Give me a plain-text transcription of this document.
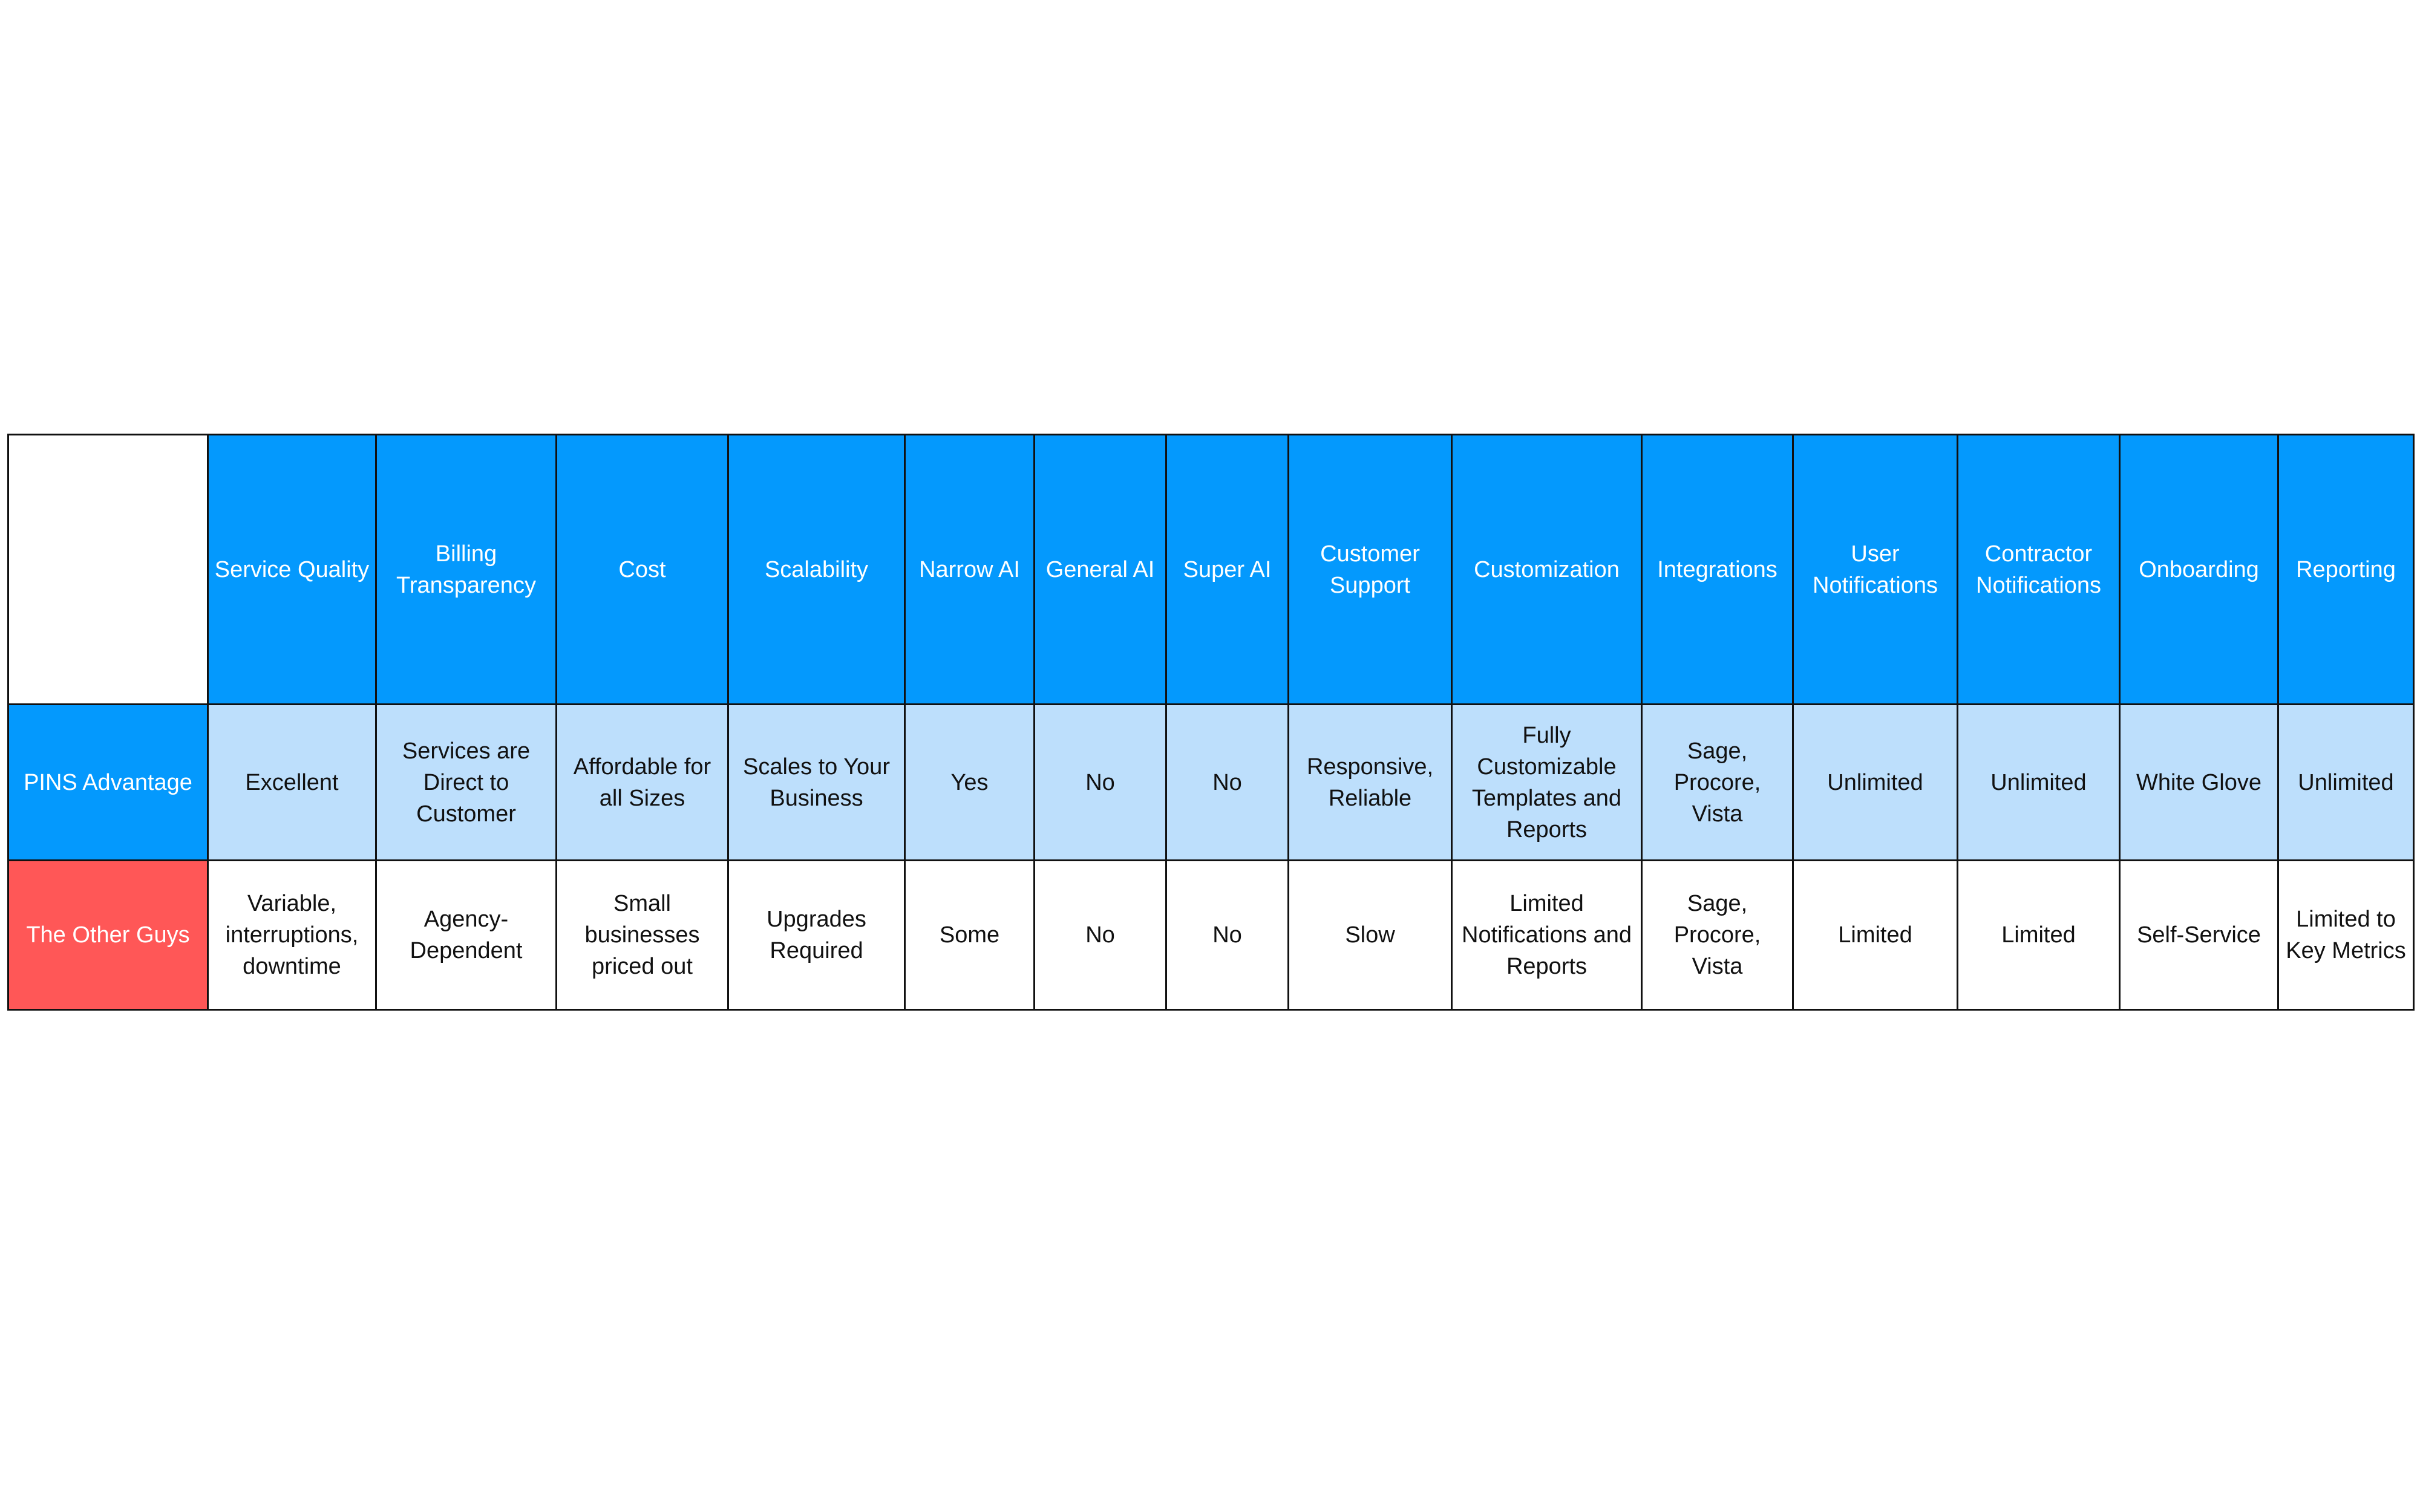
	Service Quality	Billing Transparency	Cost	Scalability	Narrow AI	General AI	Super AI	Customer Support	Customization	Integrations	User Notifications	Contractor Notifications	Onboarding	Reporting
PINS Advantage	Excellent	Services are Direct to Customer	Affordable for all Sizes	Scales to Your Business	Yes	No	No	Responsive, Reliable	Fully Customizable Templates and Reports	Sage, Procore, Vista	Unlimited	Unlimited	White Glove	Unlimited
The Other Guys	Variable, interruptions, downtime	Agency-Dependent	Small businesses priced out	Upgrades Required	Some	No	No	Slow	Limited Notifications and Reports	Sage, Procore, Vista	Limited	Limited	Self-Service	Limited to Key Metrics
